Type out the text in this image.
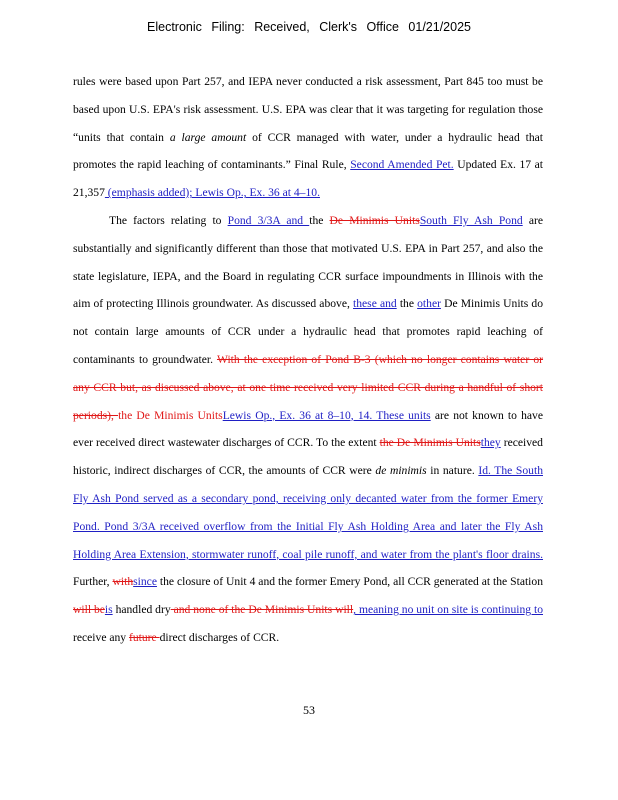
Electronic Filing: Received, Clerk's Office 01/21/2025

rules were based upon Part 257, and IEPA never conducted a risk assessment, Part 845 too must be based upon U.S. EPA's risk assessment. U.S. EPA was clear that it was targeting for regulation those “units that contain a large amount of CCR managed with water, under a hydraulic head that promotes the rapid leaching of contaminants.” Final Rule, Second Amended Pet. Updated Ex. 17 at 21,357 (emphasis added); Lewis Op., Ex. 36 at 4–10.

The factors relating to Pond 3/3A and the De Minimis UnitsSouth Fly Ash Pond are substantially and significantly different than those that motivated U.S. EPA in Part 257, and also the state legislature, IEPA, and the Board in regulating CCR surface impoundments in Illinois with the aim of protecting Illinois groundwater. As discussed above, these and the other De Minimis Units do not contain large amounts of CCR under a hydraulic head that promotes rapid leaching of contaminants to groundwater. With the exception of Pond B-3 (which no longer contains water or any CCR but, as discussed above, at one time received very limited CCR during a handful of short periods), the De Minimis UnitsLewis Op., Ex. 36 at 8–10, 14. These units are not known to have ever received direct wastewater discharges of CCR. To the extent the De Minimis Unitsthey received historic, indirect discharges of CCR, the amounts of CCR were de minimis in nature. Id. The South Fly Ash Pond served as a secondary pond, receiving only decanted water from the former Emery Pond. Pond 3/3A received overflow from the Initial Fly Ash Holding Area and later the Fly Ash Holding Area Extension, stormwater runoff, coal pile runoff, and water from the plant's floor drains. Further, withsince the closure of Unit 4 and the former Emery Pond, all CCR generated at the Station will beis handled dry and none of the De Minimis Units will, meaning no unit on site is continuing to receive any future direct discharges of CCR.

53
